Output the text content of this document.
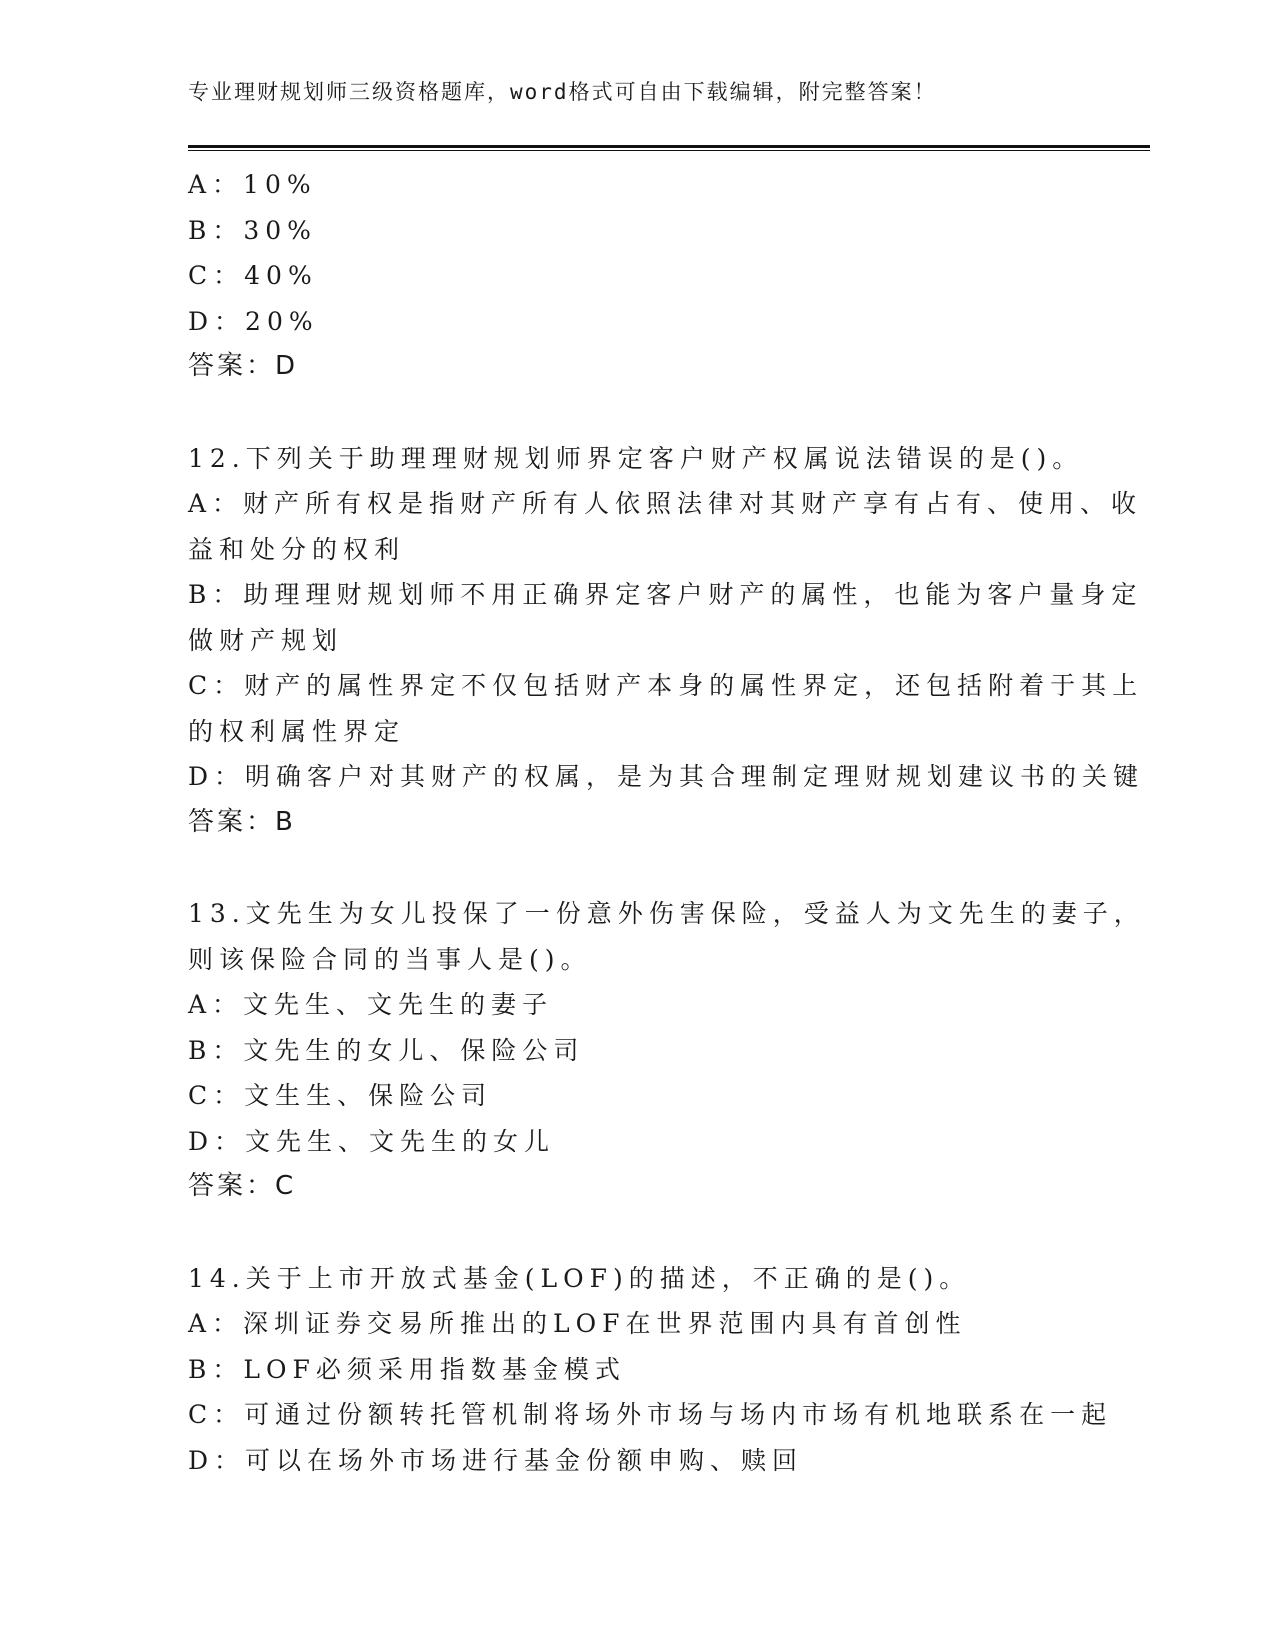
专业理财规划师三级资格题库，word格式可自由下载编辑，附完整答案！
A：10%
B：30%
C：40%
D：20%
答案：D
12.下列关于助理理财规划师界定客户财产权属说法错误的是()。
A：财产所有权是指财产所有人依照法律对其财产享有占有、使用、收
益和处分的权利
B：助理理财规划师不用正确界定客户财产的属性，也能为客户量身定
做财产规划
C：财产的属性界定不仅包括财产本身的属性界定，还包括附着于其上
的权利属性界定
D：明确客户对其财产的权属，是为其合理制定理财规划建议书的关键
答案：B
13.文先生为女儿投保了一份意外伤害保险，受益人为文先生的妻子，
则该保险合同的当事人是()。
A：文先生、文先生的妻子
B：文先生的女儿、保险公司
C：文生生、保险公司
D：文先生、文先生的女儿
答案：C
14.关于上市开放式基金(LOF)的描述，不正确的是()。
A：深圳证券交易所推出的LOF在世界范围内具有首创性
B：LOF必须采用指数基金模式
C：可通过份额转托管机制将场外市场与场内市场有机地联系在一起
D：可以在场外市场进行基金份额申购、赎回
